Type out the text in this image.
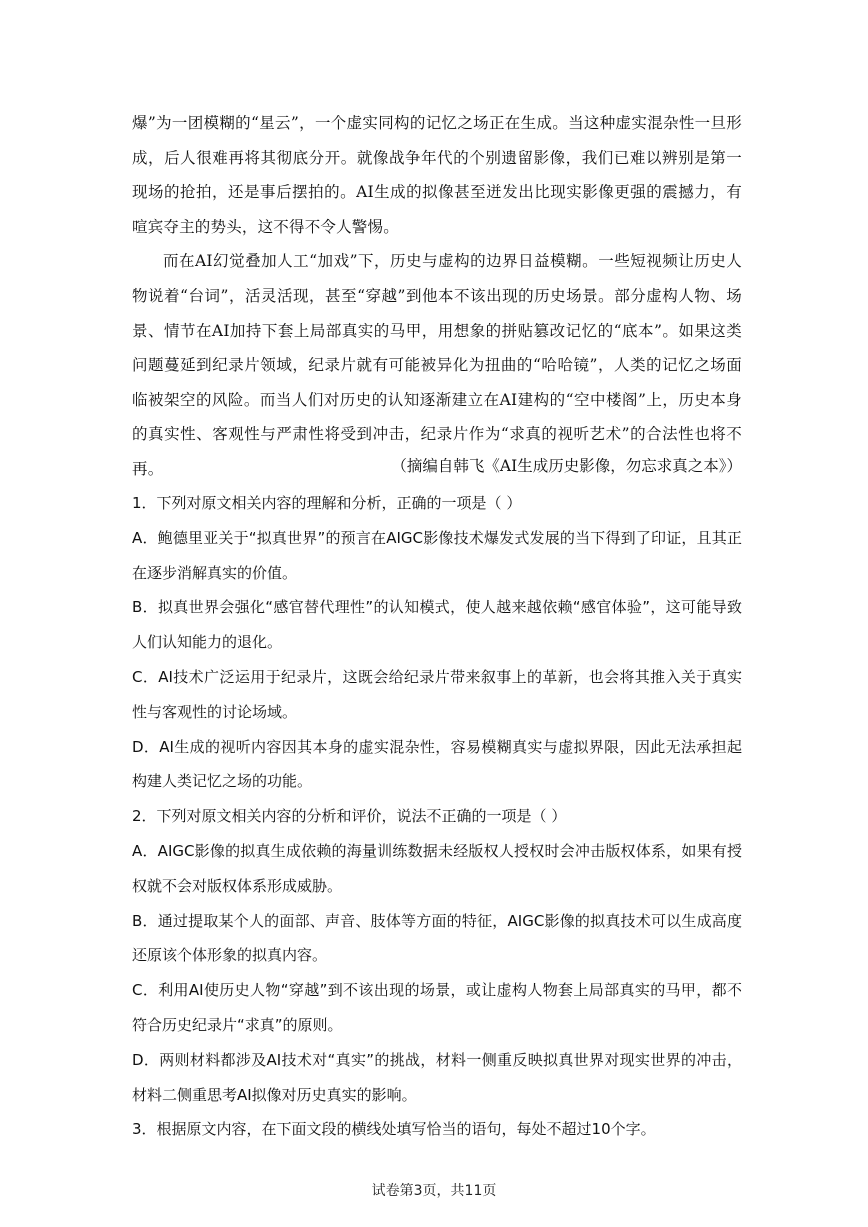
爆”为一团模糊的“星云”，一个虚实同构的记忆之场正在生成。当这种虚实混杂性一旦形成，后人很难再将其彻底分开。就像战争年代的个别遗留影像，我们已难以辨别是第一现场的抢拍，还是事后摆拍的。AI生成的拟像甚至迸发出比现实影像更强的震撼力，有喧宾夺主的势头，这不得不令人警惕。

而在AI幻觉叠加人工“加戏”下，历史与虚构的边界日益模糊。一些短视频让历史人物说着“台词”，活灵活现，甚至“穿越”到他本不该出现的历史场景。部分虚构人物、场景、情节在AI加持下套上局部真实的马甲，用想象的拼贴篡改记忆的“底本”。如果这类问题蔓延到纪录片领域，纪录片就有可能被异化为扭曲的“哈哈镜”，人类的记忆之场面临被架空的风险。而当人们对历史的认知逐渐建立在AI建构的“空中楼阁”上，历史本身的真实性、客观性与严肃性将受到冲击，纪录片作为“求真的视听艺术”的合法性也将不再。	（摘编自韩飞《AI生成历史影像，勿忘求真之本》）

1．下列对原文相关内容的理解和分析，正确的一项是（ ）

A．鲍德里亚关于“拟真世界”的预言在AIGC影像技术爆发式发展的当下得到了印证，且其正在逐步消解真实的价值。

B．拟真世界会强化“感官替代理性”的认知模式，使人越来越依赖“感官体验”，这可能导致人们认知能力的退化。

C．AI技术广泛运用于纪录片，这既会给纪录片带来叙事上的革新，也会将其推入关于真实性与客观性的讨论场域。

D．AI生成的视听内容因其本身的虚实混杂性，容易模糊真实与虚拟界限，因此无法承担起构建人类记忆之场的功能。

2．下列对原文相关内容的分析和评价，说法不正确的一项是（ ）

A．AIGC影像的拟真生成依赖的海量训练数据未经版权人授权时会冲击版权体系，如果有授权就不会对版权体系形成威胁。

B．通过提取某个人的面部、声音、肢体等方面的特征，AIGC影像的拟真技术可以生成高度还原该个体形象的拟真内容。

C．利用AI使历史人物“穿越”到不该出现的场景，或让虚构人物套上局部真实的马甲，都不符合历史纪录片“求真”的原则。

D．两则材料都涉及AI技术对“真实”的挑战，材料一侧重反映拟真世界对现实世界的冲击，材料二侧重思考AI拟像对历史真实的影响。

3．根据原文内容，在下面文段的横线处填写恰当的语句，每处不超过10个字。

试卷第3页，共11页
